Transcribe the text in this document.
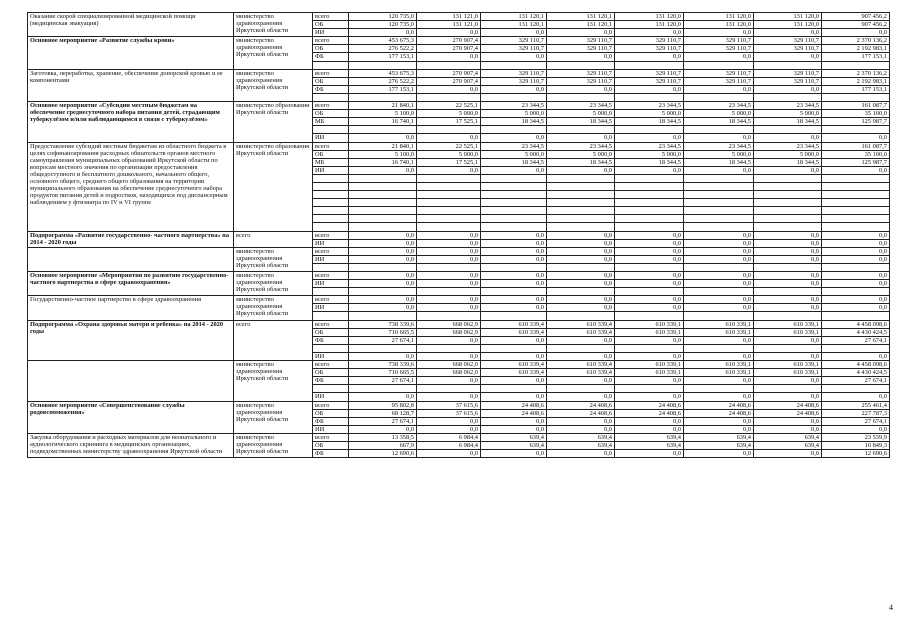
Оказание скорой специализированной медицинской помощи (медицинская эвакуация)	министерство здравоохранения Иркутской области	всего	120 735,0	131 121,0	131 120,1	131 120,1	131 120,0	131 120,0	131 120,0	907 456,2
		ОБ	120 735,0	131 121,0	131 120,1	131 120,1	131 120,0	131 120,0	131 120,0	907 456,2
		ИИ	0,0	0,0	0,0	0,0	0,0	0,0	0,0	0,0
Основное мероприятие «Развитие службы крови»	министерство здравоохранения Иркутской области	всего	453 675,3	270 907,4	329 110,7	329 110,7	329 110,7	329 110,7	329 110,7	2 370 136,2
		ОБ	276 522,2	270 907,4	329 110,7	329 110,7	329 110,7	329 110,7	329 110,7	2 192 983,1
		ФБ	177 153,1	0,0	0,0	0,0	0,0	0,0	0,0	177 153,1

Заготовка, переработка, хранение, обеспечение донорской кровью и ее компонентами	министерство здравоохранения Иркутской области	всего	453 675,3	270 907,4	329 110,7	329 110,7	329 110,7	329 110,7	329 110,7	2 370 136,2
		ОБ	276 522,2	270 907,4	329 110,7	329 110,7	329 110,7	329 110,7	329 110,7	2 192 983,1
		ФБ	177 153,1	0,0	0,0	0,0	0,0	0,0	0,0	177 153,1

Основное мероприятие «Субсидии местным бюджетам на обеспечение среднесуточного набора питания детей, страдающим туберкулёзом и/или наблюдающимся в связи с туберкулёзом»	министерство образования Иркутской области	всего	21 840,1	22 525,1	23 344,5	23 344,5	23 344,5	23 344,5	23 344,5	161 087,7
		ОБ	5 100,0	5 000,0	5 000,0	5 000,0	5 000,0	5 000,0	5 000,0	35 100,0
		МБ	16 740,1	17 525,1	18 344,5	18 344,5	18 344,5	18 344,5	18 344,5	125 987,7

		ИИ	0,0	0,0	0,0	0,0	0,0	0,0	0,0	0,0
Предоставление субсидий местным бюджетам из областного бюджета в целях софинансирования расходных обязательств органов местного самоуправления муниципальных образований Иркутской области по вопросам местного значения по организации предоставления общедоступного и бесплатного дошкольного, начального общего, основного общего, среднего общего образования на территории муниципального образования на обеспечение среднесуточного набора продуктов питания детей и подростков, находящихся под диспансерным наблюдением у фтизиатра по IV и VI группе	министерство образования Иркутской области	всего	21 840,1	22 525,1	23 344,5	23 344,5	23 344,5	23 344,5	23 344,5	161 087,7
		ОБ	5 100,0	5 000,0	5 000,0	5 000,0	5 000,0	5 000,0	5 000,0	35 100,0
		МБ	16 740,1	17 525,1	18 344,5	18 344,5	18 344,5	18 344,5	18 344,5	125 987,7
		ИИ	0,0	0,0	0,0	0,0	0,0	0,0	0,0	0,0

Подпрограмма «Развитие государственно- частного партнерства» на 2014 - 2020 годы	всего	всего	0,0	0,0	0,0	0,0	0,0	0,0	0,0	0,0
		ИИ	0,0	0,0	0,0	0,0	0,0	0,0	0,0	0,0
	министерство здравоохранения Иркутской области	всего	0,0	0,0	0,0	0,0	0,0	0,0	0,0	0,0
		ИИ	0,0	0,0	0,0	0,0	0,0	0,0	0,0	0,0

Основное мероприятие «Мероприятия по развитию государственно-частного партнерства в сфере здравоохранения»	министерство здравоохранения Иркутской области	всего	0,0	0,0	0,0	0,0	0,0	0,0	0,0	0,0
		ИИ	0,0	0,0	0,0	0,0	0,0	0,0	0,0	0,0

Государственно-частное партнерство в сфере здравоохранения	министерство здравоохранения Иркутской области	всего	0,0	0,0	0,0	0,0	0,0	0,0	0,0	0,0
		ИИ	0,0	0,0	0,0	0,0	0,0	0,0	0,0	0,0

Подпрограмма «Охрана здоровья матери и ребенка» на 2014 - 2020 годы	всего	всего	738 339,6	668 062,9	610 339,4	610 339,4	610 339,1	610 339,1	610 339,1	4 458 098,6
		ОБ	710 665,5	668 062,9	610 339,4	610 339,4	610 339,1	610 339,1	610 339,1	4 430 424,5
		ФБ	27 674,1	0,0	0,0	0,0	0,0	0,0	0,0	27 674,1

		ИИ	0,0	0,0	0,0	0,0	0,0	0,0	0,0	0,0
	министерство здравоохранения Иркутской области	всего	738 339,6	668 062,0	610 339,4	610 339,4	610 339,1	610 339,1	610 339,1	4 458 098,6
		ОБ	710 665,5	668 062,0	610 339,4	610 339,4	610 339,1	610 339,1	610 339,1	4 430 424,5
		ФБ	27 674,1	0,0	0,0	0,0	0,0	0,0	0,0	27 674,1

		ИИ	0,0	0,0	0,0	0,0	0,0	0,0	0,0	0,0
Основное мероприятие «Совершенствование службы родовспоможения»	министерство здравоохранения Иркутской области	всего	95 802,8	37 615,6	24 408,6	24 408,6	24 408,6	24 408,6	24 408,6	255 461,4
		ОБ	68 128,7	37 615,6	24 408,6	24 408,6	24 408,6	24 408,6	24 408,6	227 787,3
		ФБ	27 674,1	0,0	0,0	0,0	0,0	0,0	0,0	27 674,1
		ИИ	0,0	0,0	0,0	0,0	0,0	0,0	0,0	0,0
Закупка оборудования и расходных материалов для неонатального и аудиологического скрининга в медицинских организациях, подведомственных министерству здравоохранения Иркутской области	министерство здравоохранения Иркутской области	всего	13 358,5	6 984,4	639,4	639,4	639,4	639,4	639,4	23 539,9
		ОБ	667,9	6 984,4	639,4	639,4	639,4	639,4	639,4	10 849,3
		ФБ	12 690,6	0,0	0,0	0,0	0,0	0,0	0,0	12 690,6
4
